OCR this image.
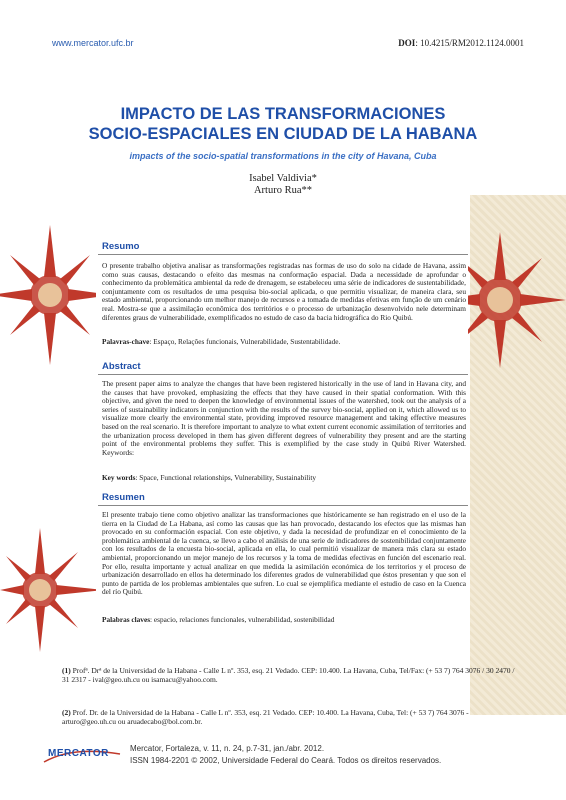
www.mercator.ufc.br	DOI: 10.4215/RM2012.1124.0001
IMPACTO DE LAS TRANSFORMACIONES
SOCIO-ESPACIALES EN CIUDAD DE LA HABANA
impacts of the socio-spatial transformations in the city of Havana, Cuba
Isabel Valdivia*
Arturo Rua**
Resumo
O presente trabalho objetiva analisar as transformações registradas nas formas de uso do solo na cidade de Havana, assim como suas causas, destacando o efeito das mesmas na conformação espacial. Dada a necessidade de aprofundar o conhecimento da problemática ambiental da rede de drenagem, se estabeleceu uma série de indicadores de sustentabilidade, conjuntamente com os resultados de uma pesquisa bio-social aplicada, o que permitiu visualizar, de maneira clara, seu estado ambiental, proporcionando um melhor manejo de recursos e a tomada de medidas efetivas em função de um cenário real. Mostra-se que a assimilação econômica dos territórios e o processo de urbanização desenvolvido nele determinam diferentes graus de vulnerabilidade, exemplificados no estudo de caso da bacia hidrográfica do Rio Quibú.
Palavras-chave: Espaço, Relações funcionais, Vulnerabilidade, Sustentabilidade.
Abstract
The present paper aims to analyze the changes that have been registered historically in the use of land in Havana city, and the causes that have provoked, emphasizing the effects that they have caused in their spatial conformation. With this objective, and given the need to deepen the knowledge of environmental issues of the watershed, took out the analysis of a series of sustainability indicators in conjunction with the results of the survey bio-social, applied on it, which allowed us to visualize more clearly the environmental state, providing improved resource management and taking effective measures based on the real scenario. It is therefore important to analyze to what extent current economic assimilation of territories and the urbanization process developed in them has given different degrees of vulnerability they present and are the starting point of the environmental problems they suffer. This is exemplified by the case study in Quibú River Watershed. Keywords:
Key words: Space, Functional relationships, Vulnerability, Sustainability
Resumen
El presente trabajo tiene como objetivo analizar las transformaciones que históricamente se han registrado en el uso de la tierra en la Ciudad de La Habana, así como las causas que las han provocado, destacando los efectos que las mismas han provocado en su conformación espacial. Con este objetivo, y dada la necesidad de profundizar en el conocimiento de la problemática ambiental de la cuenca, se llevo a cabo el análisis de una serie de indicadores de sostenibilidad conjuntamente con los resultados de la encuesta bio-social, aplicada en ella, lo cual permitió visualizar de manera más clara su estado ambiental, proporcionando un mejor manejo de los recursos y la toma de medidas efectivas en función del escenario real. Por ello, resulta importante y actual analizar en que medida la asimilación económica de los territorios y el proceso de urbanización desarrollado en ellos ha determinado los diferentes grados de vulnerabilidad que éstos presentan y que son el punto de partida de los problemas ambientales que sufren. Lo cual se ejemplifica mediante el estudio de caso en la Cuenca del río Quibú.
Palabras claves: espacio, relaciones funcionales, vulnerabilidad, sostenibilidad
(1) Profª. Drª de la Universidad de la Habana - Calle L nº. 353, esq. 21 Vedado. CEP: 10.400. La Havana, Cuba, Tel/Fax: (+ 53 7) 764 3076 / 30 2470 / 31 2317 - ival@geo.uh.cu ou isamacu@yahoo.com.
(2) Prof. Dr. de la Universidad de la Habana - Calle L nº. 353, esq. 21 Vedado. CEP: 10.400. La Havana, Cuba, Tel: (+ 53 7) 764 3076 - arturo@geo.uh.cu ou aruadecabo@bol.com.br.
MERCATOR	Mercator, Fortaleza, v. 11, n. 24, p.7-31, jan./abr. 2012.
ISSN 1984-2201 © 2002, Universidade Federal do Ceará. Todos os direitos reservados.
